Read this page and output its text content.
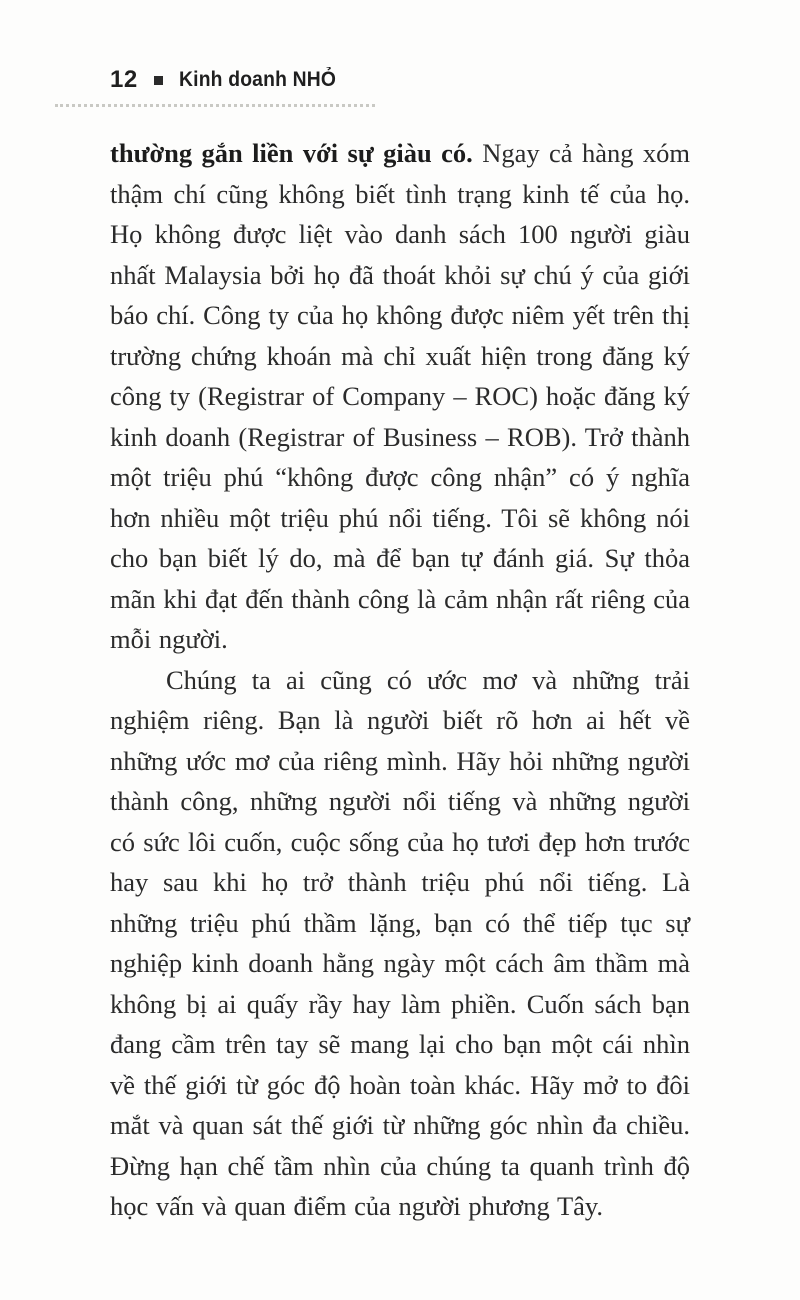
12 Kinh doanh NHỎ

thường gắn liền với sự giàu có. Ngay cả hàng xóm thậm chí cũng không biết tình trạng kinh tế của họ. Họ không được liệt vào danh sách 100 người giàu nhất Malaysia bởi họ đã thoát khỏi sự chú ý của giới báo chí. Công ty của họ không được niêm yết trên thị trường chứng khoán mà chỉ xuất hiện trong đăng ký công ty (Registrar of Company – ROC) hoặc đăng ký kinh doanh (Registrar of Business – ROB). Trở thành một triệu phú “không được công nhận” có ý nghĩa hơn nhiều một triệu phú nổi tiếng. Tôi sẽ không nói cho bạn biết lý do, mà để bạn tự đánh giá. Sự thỏa mãn khi đạt đến thành công là cảm nhận rất riêng của mỗi người.

Chúng ta ai cũng có ước mơ và những trải nghiệm riêng. Bạn là người biết rõ hơn ai hết về những ước mơ của riêng mình. Hãy hỏi những người thành công, những người nổi tiếng và những người có sức lôi cuốn, cuộc sống của họ tươi đẹp hơn trước hay sau khi họ trở thành triệu phú nổi tiếng. Là những triệu phú thầm lặng, bạn có thể tiếp tục sự nghiệp kinh doanh hằng ngày một cách âm thầm mà không bị ai quấy rầy hay làm phiền. Cuốn sách bạn đang cầm trên tay sẽ mang lại cho bạn một cái nhìn về thế giới từ góc độ hoàn toàn khác. Hãy mở to đôi mắt và quan sát thế giới từ những góc nhìn đa chiều. Đừng hạn chế tầm nhìn của chúng ta quanh trình độ học vấn và quan điểm của người phương Tây.
